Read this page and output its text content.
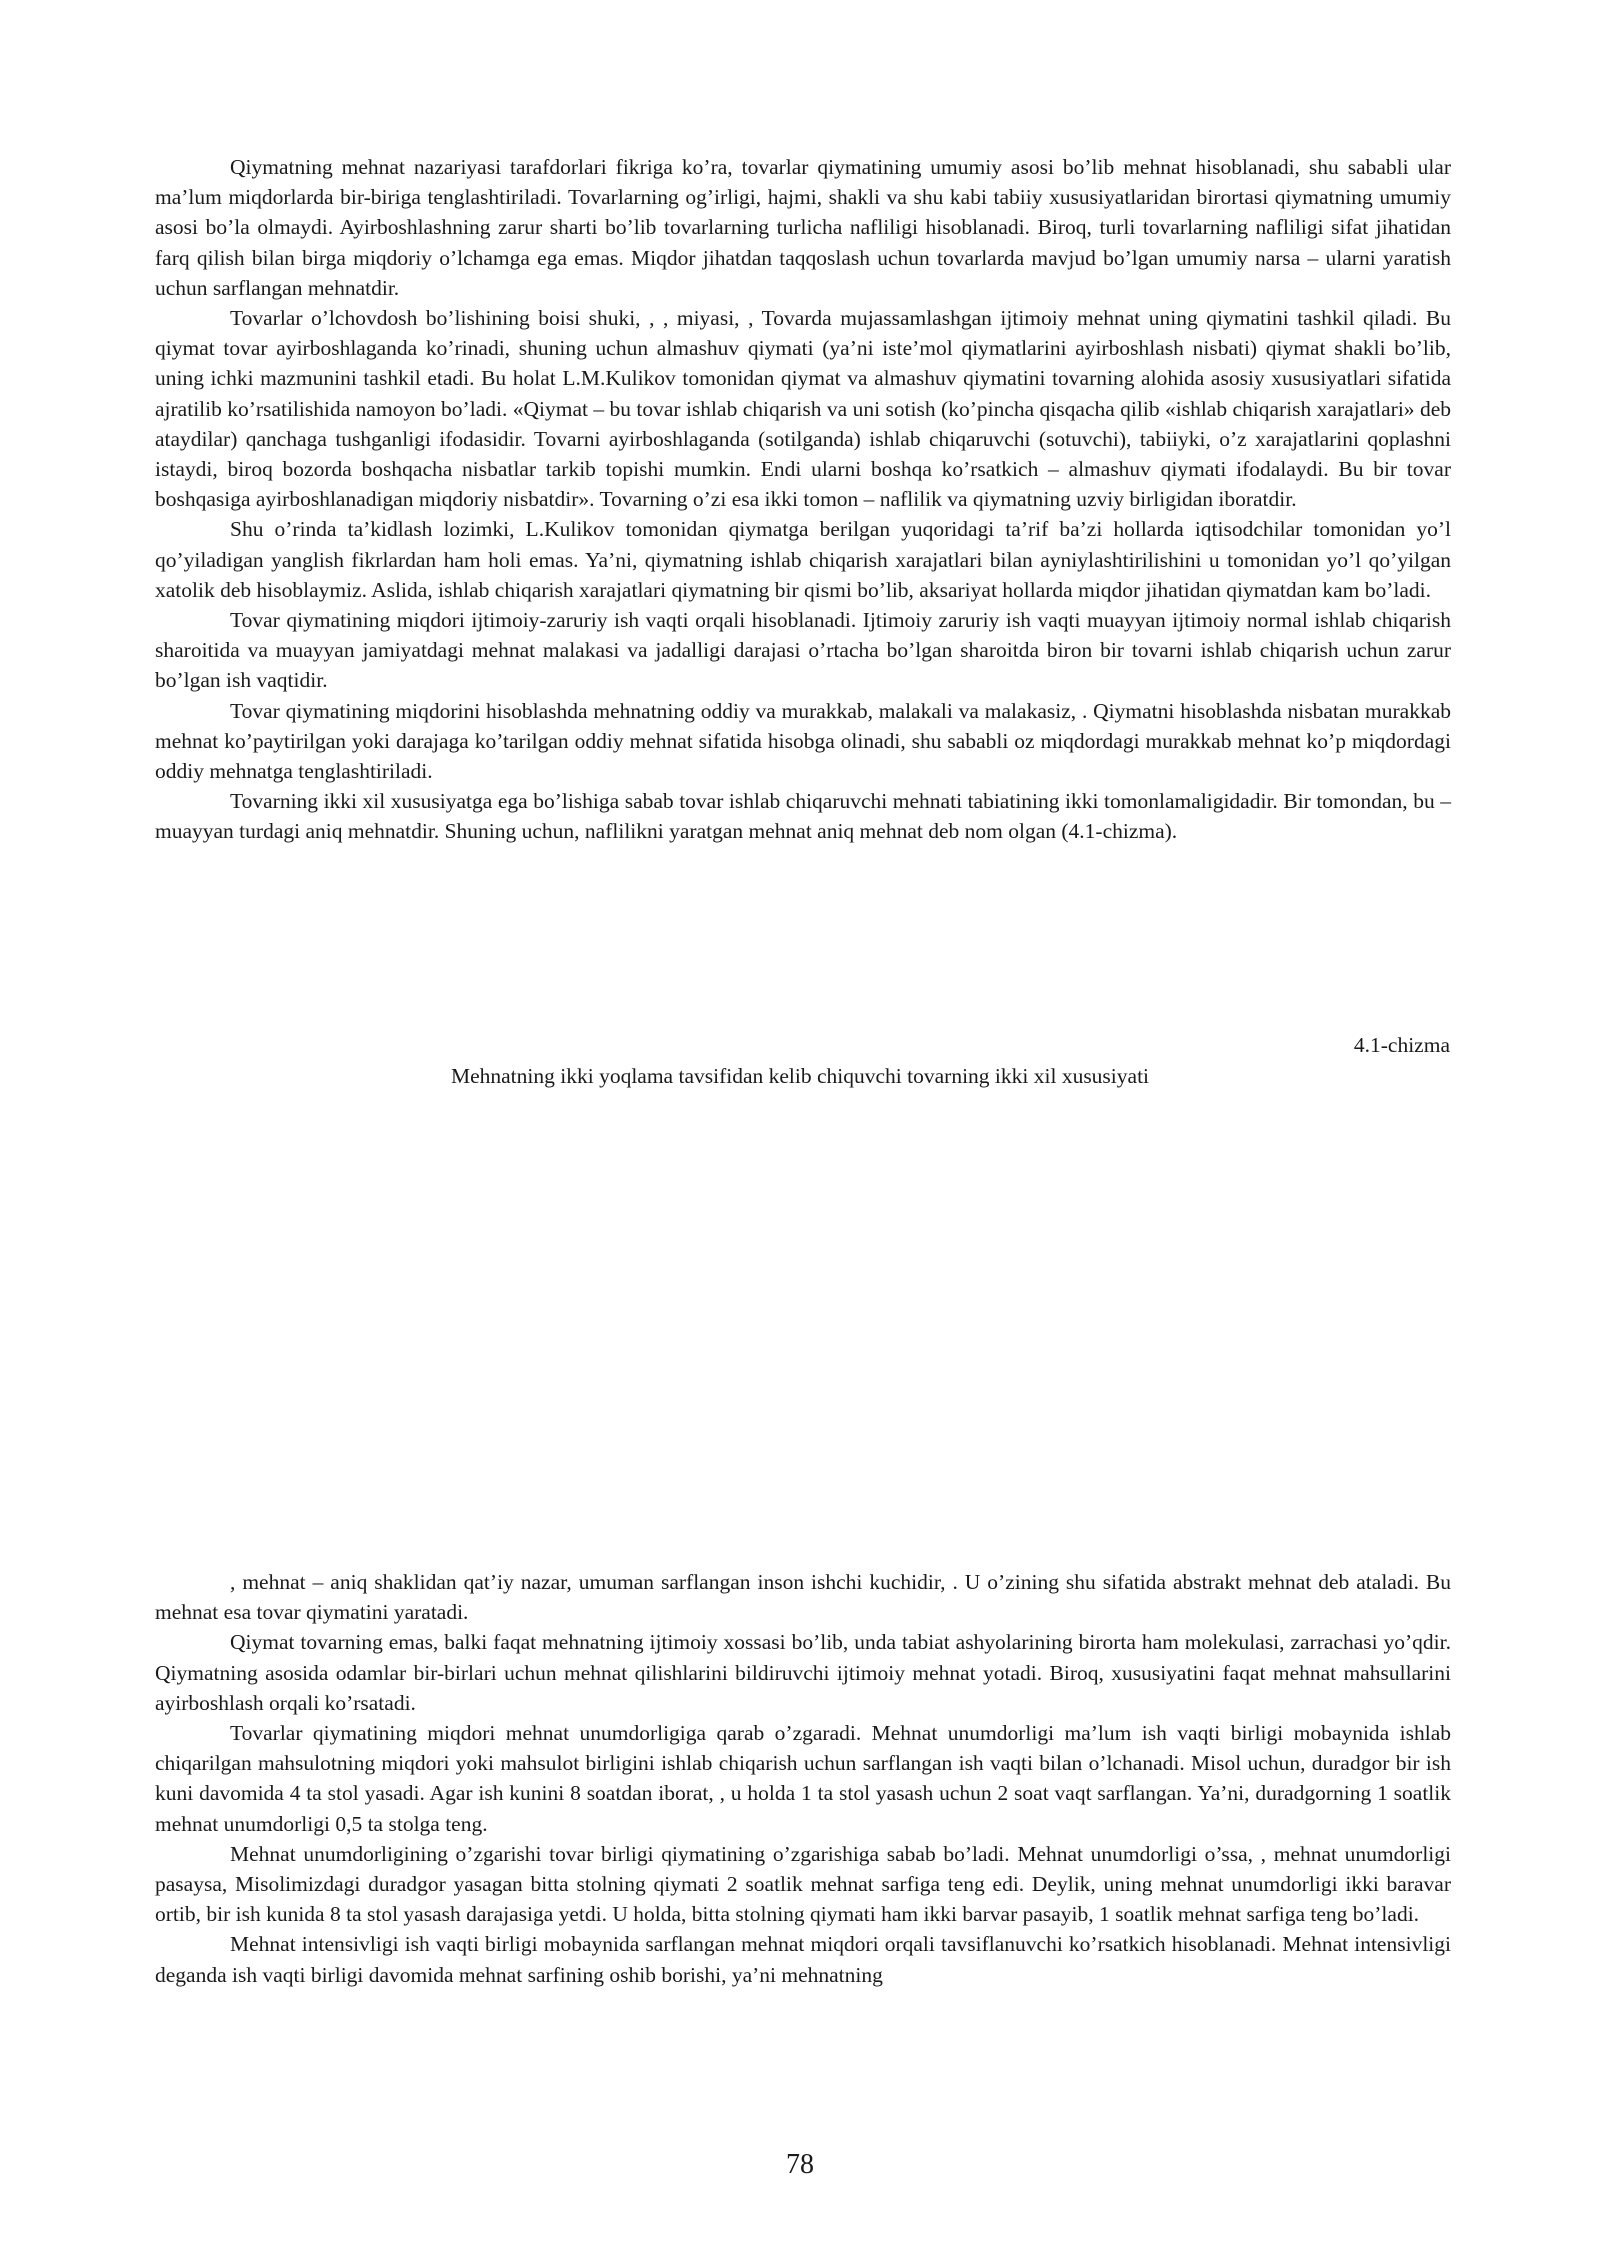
Qiymatning mehnat nazariyasi tarafdorlari fikriga ko’ra, tovarlar qiymatining umumiy asosi bo’lib mehnat hisoblanadi, shu sababli ular ma’lum miqdorlarda bir-biriga tenglashtiriladi. Tovarlarning og’irligi, hajmi, shakli va shu kabi tabiiy xususiyatlaridan birortasi qiymatning umumiy asosi bo’la olmaydi. Ayirboshlashning zarur sharti bo’lib tovarlarning turlicha nafliligi hisoblanadi. Biroq, turli tovarlarning nafliligi sifat jihatidan farq qilish bilan birga miqdoriy o’lchamga ega emas. Miqdor jihatdan taqqoslash uchun tovarlarda mavjud bo’lgan umumiy narsa – ularni yaratish uchun sarflangan mehnatdir.

Tovarlar o’lchovdosh bo’lishining boisi shuki, , , miyasi, , Tovarda mujassamlashgan ijtimoiy mehnat uning qiymatini tashkil qiladi. Bu qiymat tovar ayirboshlaganda ko’rinadi, shuning uchun almashuv qiymati (ya’ni iste’mol qiymatlarini ayirboshlash nisbati) qiymat shakli bo’lib, uning ichki mazmunini tashkil etadi. Bu holat L.M.Kulikov tomonidan qiymat va almashuv qiymatini tovarning alohida asosiy xususiyatlari sifatida ajratilib ko’rsatilishida namoyon bo’ladi. «Qiymat – bu tovar ishlab chiqarish va uni sotish (ko’pincha qisqacha qilib «ishlab chiqarish xarajatlari» deb ataydilar) qanchaga tushganligi ifodasidir. Tovarni ayirboshlaganda (sotilganda) ishlab chiqaruvchi (sotuvchi), tabiiyki, o’z xarajatlarini qoplashni istaydi, biroq bozorda boshqacha nisbatlar tarkib topishi mumkin. Endi ularni boshqa ko’rsatkich – almashuv qiymati ifodalaydi. Bu bir tovar boshqasiga ayirboshlanadigan miqdoriy nisbatdir». Tovarning o’zi esa ikki tomon – naflilik va qiymatning uzviy birligidan iboratdir.

Shu o’rinda ta’kidlash lozimki, L.Kulikov tomonidan qiymatga berilgan yuqoridagi ta’rif ba’zi hollarda iqtisodchilar tomonidan yo’l qo’yiladigan yanglish fikrlardan ham holi emas. Ya’ni, qiymatning ishlab chiqarish xarajatlari bilan ayniylashtirilishini u tomonidan yo’l qo’yilgan xatolik deb hisoblaymiz. Aslida, ishlab chiqarish xarajatlari qiymatning bir qismi bo’lib, aksariyat hollarda miqdor jihatidan qiymatdan kam bo’ladi.

Tovar qiymatining miqdori ijtimoiy-zaruriy ish vaqti orqali hisoblanadi. Ijtimoiy zaruriy ish vaqti muayyan ijtimoiy normal ishlab chiqarish sharoitida va muayyan jamiyatdagi mehnat malakasi va jadalligi darajasi o’rtacha bo’lgan sharoitda biron bir tovarni ishlab chiqarish uchun zarur bo’lgan ish vaqtidir.

Tovar qiymatining miqdorini hisoblashda mehnatning oddiy va murakkab, malakali va malakasiz, . Qiymatni hisoblashda nisbatan murakkab mehnat ko’paytirilgan yoki darajaga ko’tarilgan oddiy mehnat sifatida hisobga olinadi, shu sababli oz miqdordagi murakkab mehnat ko’p miqdordagi oddiy mehnatga tenglashtiriladi.

Tovarning ikki xil xususiyatga ega bo’lishiga sabab tovar ishlab chiqaruvchi mehnati tabiatining ikki tomonlamaligidadir. Bir tomondan, bu – muayyan turdagi aniq mehnatdir. Shuning uchun, naflilikni yaratgan mehnat aniq mehnat deb nom olgan (4.1-chizma).

4.1-chizma
Mehnatning ikki yoqlama tavsifidan kelib chiquvchi tovarning ikki xil xususiyati

, mehnat – aniq shaklidan qat’iy nazar, umuman sarflangan inson ishchi kuchidir, . U o’zining shu sifatida abstrakt mehnat deb ataladi. Bu mehnat esa tovar qiymatini yaratadi.

Qiymat tovarning emas, balki faqat mehnatning ijtimoiy xossasi bo’lib, unda tabiat ashyolarining birorta ham molekulasi, zarrachasi yo’qdir. Qiymatning asosida odamlar bir-birlari uchun mehnat qilishlarini bildiruvchi ijtimoiy mehnat yotadi. Biroq, xususiyatini faqat mehnat mahsullarini ayirboshlash orqali ko’rsatadi.

Tovarlar qiymatining miqdori mehnat unumdorligiga qarab o’zgaradi. Mehnat unumdorligi ma’lum ish vaqti birligi mobaynida ishlab chiqarilgan mahsulotning miqdori yoki mahsulot birligini ishlab chiqarish uchun sarflangan ish vaqti bilan o’lchanadi. Misol uchun, duradgor bir ish kuni davomida 4 ta stol yasadi. Agar ish kunini 8 soatdan iborat, , u holda 1 ta stol yasash uchun 2 soat vaqt sarflangan. Ya’ni, duradgorning 1 soatlik mehnat unumdorligi 0,5 ta stolga teng.

Mehnat unumdorligining o’zgarishi tovar birligi qiymatining o’zgarishiga sabab bo’ladi. Mehnat unumdorligi o’ssa, , mehnat unumdorligi pasaysa, Misolimizdagi duradgor yasagan bitta stolning qiymati 2 soatlik mehnat sarfiga teng edi. Deylik, uning mehnat unumdorligi ikki baravar ortib, bir ish kunida 8 ta stol yasash darajasiga yetdi. U holda, bitta stolning qiymati ham ikki barvar pasayib, 1 soatlik mehnat sarfiga teng bo’ladi.

Mehnat intensivligi ish vaqti birligi mobaynida sarflangan mehnat miqdori orqali tavsiflanuvchi ko’rsatkich hisoblanadi. Mehnat intensivligi deganda ish vaqti birligi davomida mehnat sarfining oshib borishi, ya’ni mehnatning

78
